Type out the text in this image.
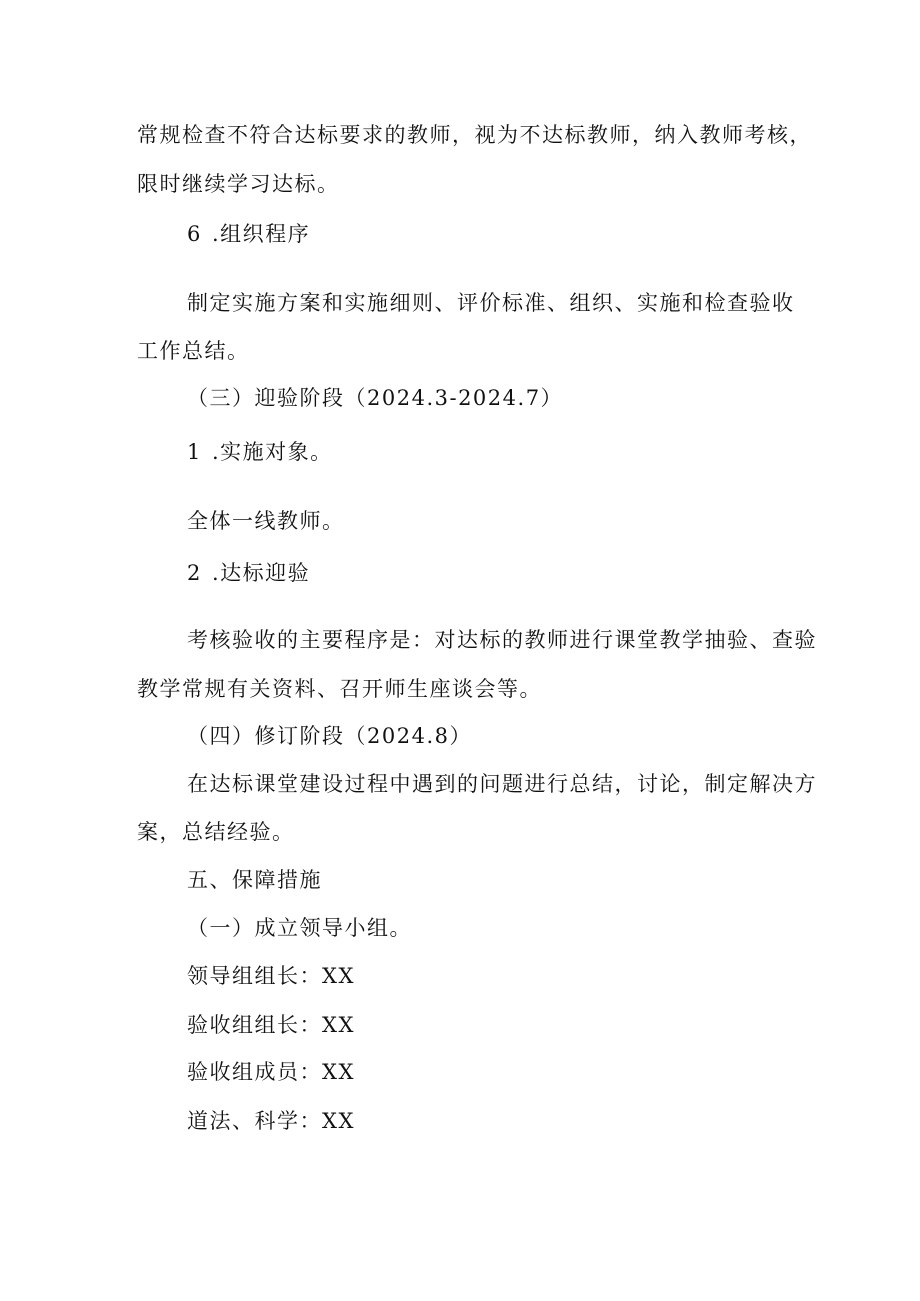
常规检查不符合达标要求的教师，视为不达标教师，纳入教师考核，
限时继续学习达标。
6 .组织程序
制定实施方案和实施细则、评价标准、组织、实施和检查验收
工作总结。
（三）迎验阶段（2024.3-2024.7）
1 .实施对象。
全体一线教师。
2 .达标迎验
考核验收的主要程序是：对达标的教师进行课堂教学抽验、查验
教学常规有关资料、召开师生座谈会等。
（四）修订阶段（2024.8）
在达标课堂建设过程中遇到的问题进行总结，讨论，制定解决方
案，总结经验。
五、保障措施
（一）成立领导小组。
领导组组长：XX
验收组组长：XX
验收组成员：XX
道法、科学：XX
